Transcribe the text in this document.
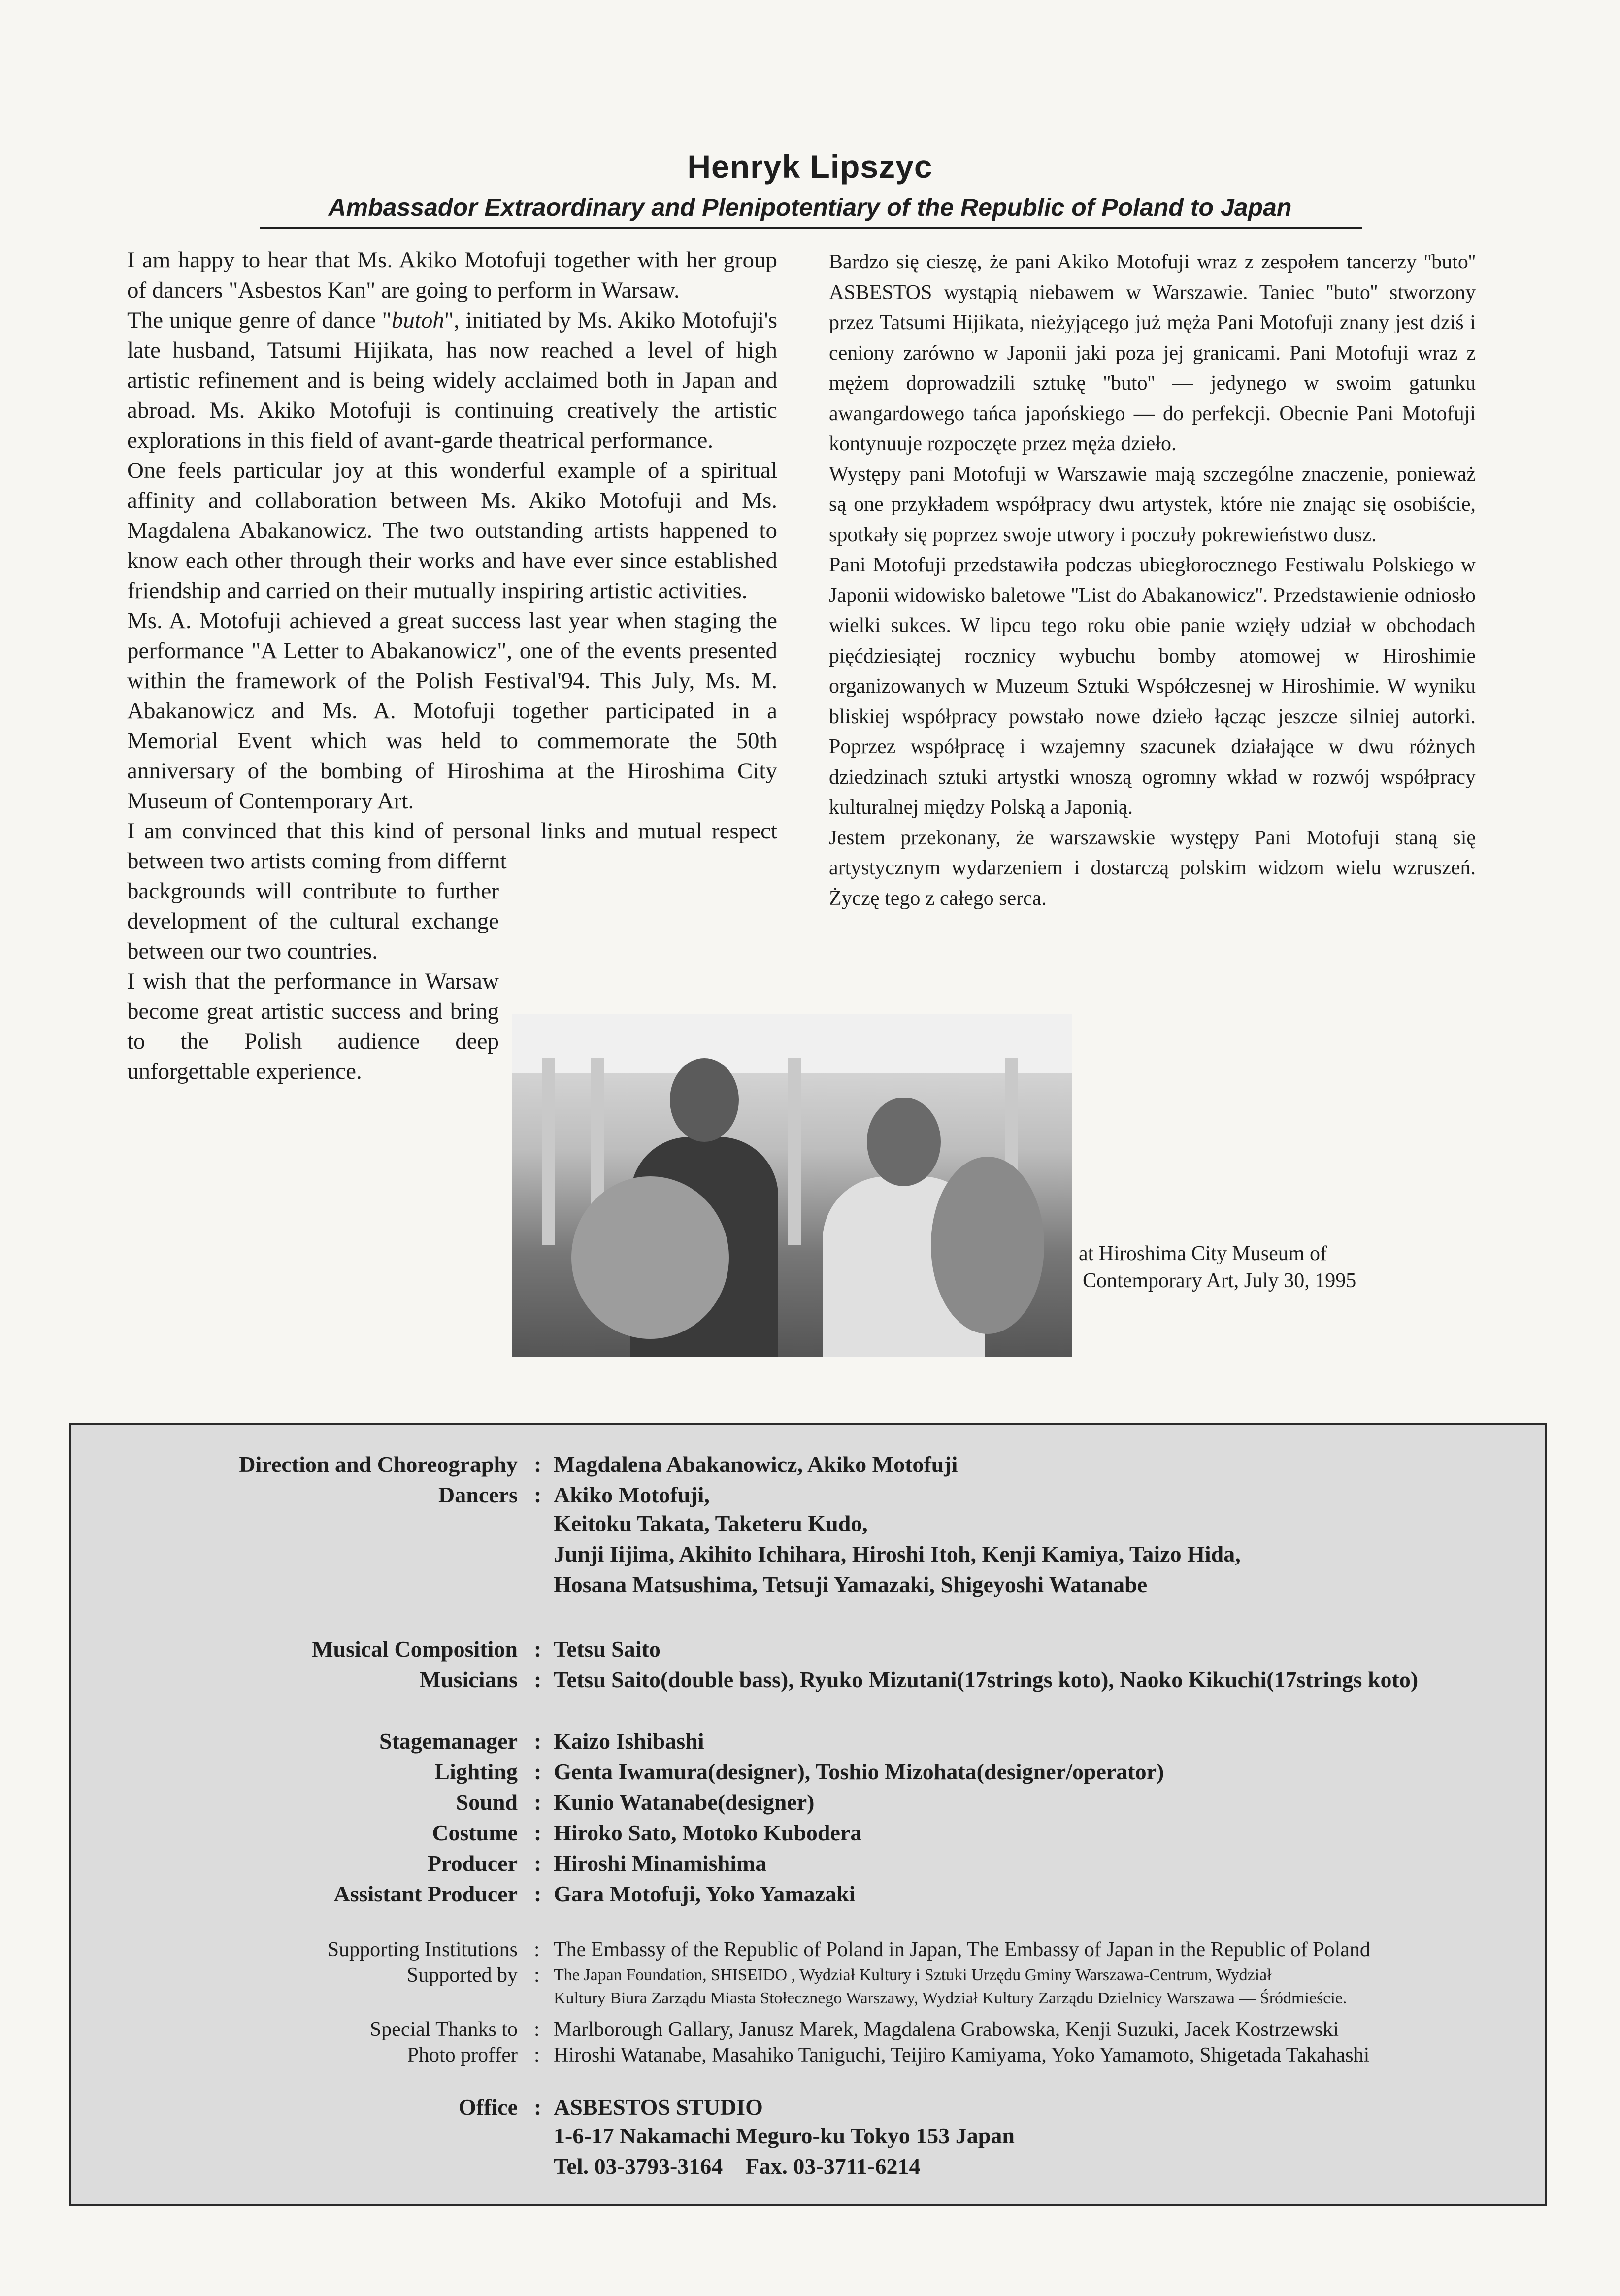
Henryk Lipszyc
Ambassador Extraordinary and Plenipotentiary of the Republic of Poland to Japan

I am happy to hear that Ms. Akiko Motofuji together with her group of dancers "Asbestos Kan" are going to perform in Warsaw.

The unique genre of dance "butoh", initiated by Ms. Akiko Motofuji's late husband, Tatsumi Hijikata, has now reached a level of high artistic refinement and is being widely acclaimed both in Japan and abroad. Ms. Akiko Motofuji is continuing creatively the artistic explorations in this field of avant-garde theatrical performance.

One feels particular joy at this wonderful example of a spiritual affinity and collaboration between Ms. Akiko Motofuji and Ms. Magdalena Abakanowicz. The two outstanding artists happened to know each other through their works and have ever since established friendship and carried on their mutually inspiring artistic activities.

Ms. A. Motofuji achieved a great success last year when staging the performance "A Letter to Abakanowicz", one of the events presented within the framework of the Polish Festival'94. This July, Ms. M. Abakanowicz and Ms. A. Motofuji together participated in a Memorial Event which was held to commemorate the 50th anniversary of the bombing of Hiroshima at the Hiroshima City Museum of Contemporary Art.

I am convinced that this kind of personal links and mutual respect between two artists coming from differnt

backgrounds will contribute to further development of the cultural exchange between our two countries.

I wish that the performance in Warsaw become great artistic success and bring to the Polish audience deep unforgettable experience.

Bardzo się cieszę, że pani Akiko Motofuji wraz z zespołem tancerzy ''buto'' ASBESTOS wystąpią niebawem w Warszawie. Taniec ''buto'' stworzony przez Tatsumi Hijikata, nieżyjącego już męża Pani Motofuji znany jest dziś i ceniony zarówno w Japonii jaki poza jej granicami. Pani Motofuji wraz z mężem doprowadzili sztukę ''buto'' — jedynego w swoim gatunku awangardowego tańca japońskiego — do perfekcji. Obecnie Pani Motofuji kontynuuje rozpoczęte przez męża dzieło.

Występy pani Motofuji w Warszawie mają szczególne znaczenie, ponieważ są one przykładem współpracy dwu artystek, które nie znając się osobiście, spotkały się poprzez swoje utwory i poczuły pokrewieństwo dusz.

Pani Motofuji przedstawiła podczas ubiegłorocznego Festiwalu Polskiego w Japonii widowisko baletowe ''List do Abakanowicz''. Przedstawienie odniosło wielki sukces. W lipcu tego roku obie panie wzięły udział w obchodach pięćdziesiątej rocznicy wybuchu bomby atomowej w Hiroshimie organizowanych w Muzeum Sztuki Współczesnej w Hiroshimie. W wyniku bliskiej współpracy powstało nowe dzieło łącząc jeszcze silniej autorki. Poprzez współpracę i wzajemny szacunek działające w dwu różnych dziedzinach sztuki artystki wnoszą ogromny wkład w rozwój współpracy kulturalnej między Polską a Japonią.

Jestem przekonany, że warszawskie występy Pani Motofuji staną się artystycznym wydarzeniem i dostarczą polskim widzom wielu wzruszeń. Życzę tego z całego serca.

at Hiroshima City Museum of
Contemporary Art, July 30, 1995
Direction and Choreography : Magdalena Abakanowicz, Akiko Motofuji
Dancers : Akiko Motofuji,
Keitoku Takata, Taketeru Kudo,
Junji Iijima, Akihito Ichihara, Hiroshi Itoh, Kenji Kamiya, Taizo Hida,
Hosana Matsushima, Tetsuji Yamazaki, Shigeyoshi Watanabe
Musical Composition : Tetsu Saito
Musicians : Tetsu Saito(double bass), Ryuko Mizutani(17strings koto), Naoko Kikuchi(17strings koto)
Stagemanager : Kaizo Ishibashi
Lighting : Genta Iwamura(designer), Toshio Mizohata(designer/operator)
Sound : Kunio Watanabe(designer)
Costume : Hiroko Sato, Motoko Kubodera
Producer : Hiroshi Minamishima
Assistant Producer : Gara Motofuji, Yoko Yamazaki
Supporting Institutions : The Embassy of the Republic of Poland in Japan, The Embassy of Japan in the Republic of Poland
Supported by : The Japan Foundation, SHISEIDO , Wydział Kultury i Sztuki Urzędu Gminy Warszawa-Centrum, Wydział
Kultury Biura Zarządu Miasta Stołecznego Warszawy, Wydział Kultury Zarządu Dzielnicy Warszawa — Śródmieście.
Special Thanks to : Marlborough Gallary, Janusz Marek, Magdalena Grabowska, Kenji Suzuki, Jacek Kostrzewski
Photo proffer : Hiroshi Watanabe, Masahiko Taniguchi, Teijiro Kamiyama, Yoko Yamamoto, Shigetada Takahashi
Office : ASBESTOS STUDIO
1-6-17 Nakamachi Meguro-ku Tokyo 153 Japan
Tel. 03-3793-3164    Fax. 03-3711-6214
